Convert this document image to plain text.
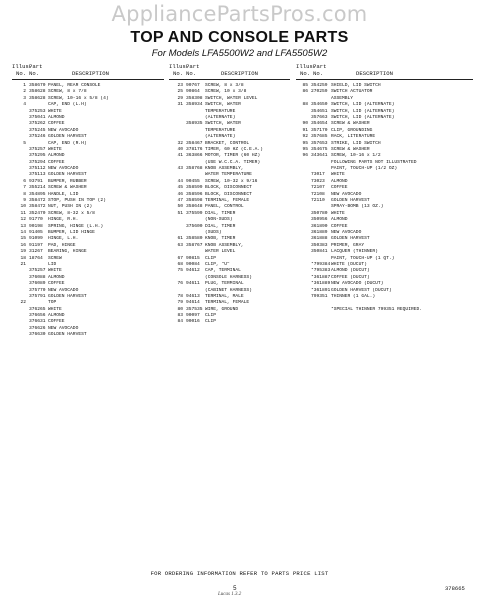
AppliancePartsPros.com
TOP AND CONSOLE PARTS
For Models LFA5500W2 and LFA5505W2

Illus.

Part

No.

No.

	DESCRIPTION

1 358670 PANEL, REAR CONSOLE
2 358628 SCREW, 8 x 7/8
3 358628 SCREW, 10-16 x 5/8 (4)
4	CAP, END (L.H)
375253 WHITE
375041 ALMOND
375262 COFFEE
375245 NEW AVOCADO
375246 GOLDEN HARVEST
5	CAP, END (R.H)
375257 WHITE
375295 ALMOND
375294 COFFEE
375112 NEW AVOCADO
375113 GOLDEN HARVEST
6 93791	BUMPER, RUBBER
7 355214 SCREW & WASHER
8 354895 HANDLE, LID
9 358472 STOP, PUSH IN TOP (2)
10 358472 NUT, PUSH IN (2)
11 352470 SCREW, 8-32 x 5/8
12 91770	HINGE, R.H.
13 90198	SPRING, HINGE (L.H.)
14 91405	BUMPER, LID HINGE
15 91099	HINGE, L.H.
16 91197	PAD, HINGE
19 31267	BEARING, HINGE
18 18764	SCREW
21	LID
375257 WHITE
376088 ALMOND
376089 COFFEE
375770 NEW AVOCADO
375791 GOLDEN HARVEST
22	TOP
376265 WHITE
376656 ALMOND
376631 COFFEE
376626 NEW AVOCADO
376630 GOLDEN HARVEST

Illus.

Part

No.

No.

	DESCRIPTION

23 90767	SCREW, 8 x 3/8
25 90864	SCREW, 10 x 3/8
29 358308 SWITCH, WATER LEVEL
31 358934 SWITCH, WATER
TEMPERATURE
(ALTERNATE)
358935 SWITCH, WATER
TEMPERATURE
(ALTERNATE)
32 358467 BRACKET, CONTROL
40 378176 TIMER, 60 HZ (C.E.A.)
41 363866 MOTOR, TIMER (60 HZ)
(USE W.C.C.A. TIMER)
43 358768 KNOB ASSEMBLY,
WATER TEMPERATURE
44 90455	SCREW, 10-32 x 9/16
45 358599 BLOCK, DISCONNECT
46 358596 BLOCK, DISCONNECT
47 358598 TERMINAL, FEMALE
50 358648 PANEL, CONTROL
51 375599 DIAL, TIMER
(NON-SUDS)
375600 DIAL, TIMER
(SUDS)
61 358580 KNOB, TIMER
63 358767 KNOB ASSEMBLY,
WATER LEVEL
67 90815	CLIP
68 90084	CLIP, "U"
75 94612	CAP, TERMINAL
(CONSOLE HARNESS)
76 94611	PLUG, TERMINAL
(CABINET HARNESS)
78 94613	TERMINAL, MALE
79 94614	TERMINAL, FEMALE
80 357535 WIRE, GROUND
83 90097	CLIP
84 90016	CLIP

Illus.

Part

No.

No.

	DESCRIPTION

85 354259 SHIELD, LID SWITCH
86 270259 SWITCH ACTUATOR
ASSEMBLY
88 354650 SWITCH, LID (ALTERNATE)
354651 SWITCH, LID (ALTERNATE)
357663 SWITCH, LID (ALTERNATE)
90 354654 SCREW & WASHER
91 357170 CLIP, GROUNDING
92 357685 RACK, LITERATURE
95 357653 STRIKE, LID SWITCH
95 354675 SCREW & WASHER
96 343641 SCREW, 10-16 x 1/2
FOLLOWING PARTS NOT ILLUSTRATED
PAINT, TOUCH-UP (1/2 OZ)
73017	WHITE
73023	ALMOND
72107	COFFEE
72108	NEW AVOCADO
72110	GOLDEN HARVEST
SPRAY-BOMB (13 OZ.)
350780 WHITE
350956 ALMOND
361890 COFFEE
361889 NEW AVOCADO
361888 GOLDEN HARVEST
350383 PRIMER, GRAY
350841 LACQUER (THINNER)
PAINT, TOUCH-UP (1 QT.)
*799384 WHITE (DUCUT)
*795383 ALMOND (DUCUT)
*361887 COFFEE (DUCUT)
*361889 NEW AVOCADO (DUCUT)
*361891 GOLDEN HARVEST (DUCUT)
799351 THINNER (1 GAL.)
*SPECIAL THINNER 799351 REQUIRED.
FOR ORDERING INFORMATION REFER TO PARTS PRICE LIST
5	378665
Lucas 1.3.2
